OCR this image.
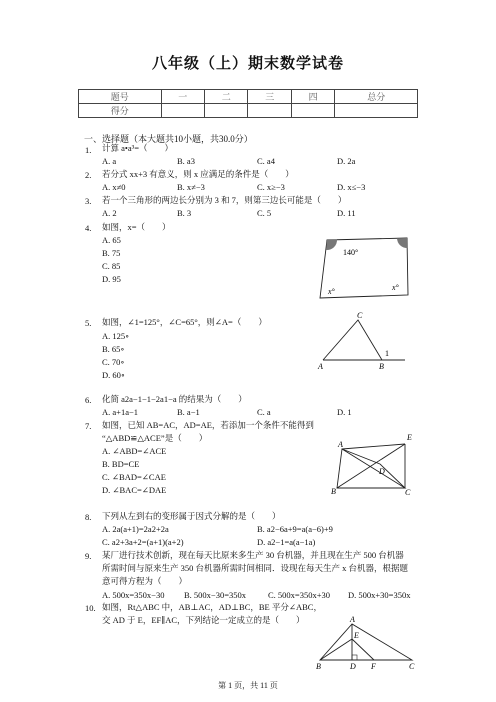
八年级（上）期末数学试卷
题号	一	二	三	四	总分
得分					
一、选择题（本大题共10小题，共30.0分）
1. 计算 a•a³=（　　）
A. a	B. a3	C. a4	D. 2a
2. 若分式 xx+3 有意义，则 x 应满足的条件是（　　）
A. x≠0	B. x≠−3	C. x≥−3	D. x≤−3
3. 若一个三角形的两边长分别为 3 和 7，则第三边长可能是（　　）
A. 2	B. 3	C. 5	D. 11
4. 如图，x=（　　）
A. 65
B. 75
C. 85
D. 95
140°
x°	x°
5. 如图，∠1=125°，∠C=65°，则∠A=（　　）
A. 125∘
B. 65∘
C. 70∘
D. 60∘
C
A	B
1
6. 化简 a2a−1−1−2a1−a 的结果为（　　）
A. a+1a−1	B. a−1	C. a	D. 1
7. 如图，已知 AB=AC，AD=AE，若添加一个条件不能得到
“△ABD≌△ACE”是（　　）
A. ∠ABD=∠ACE
B. BD=CE
C. ∠BAD=∠CAE
D. ∠BAC=∠DAE
A
E
D
B	C
8. 下列从左到右的变形属于因式分解的是（　　）
A. 2a(a+1)=2a2+2a	B. a2−6a+9=a(a−6)+9
C. a2+3a+2=(a+1)(a+2)	D. a2−1=a(a−1a)
9. 某厂进行技术创新，现在每天比原来多生产 30 台机器，并且现在生产 500 台机器
所需时间与原来生产 350 台机器所需时间相同．设现在每天生产 x 台机器，根据题
意可得方程为（　　）
A. 500x=350x−30 B. 500x−30=350x	C. 500x=350x+30 D. 500x+30=350x
10. 如图，Rt△ABC 中，AB⊥AC，AD⊥BC，BE 平分∠ABC，
交 AD 于 E，EF∥AC，下列结论一定成立的是（　　）	A
E
B	D F	C
第 1 页，共 11 页
